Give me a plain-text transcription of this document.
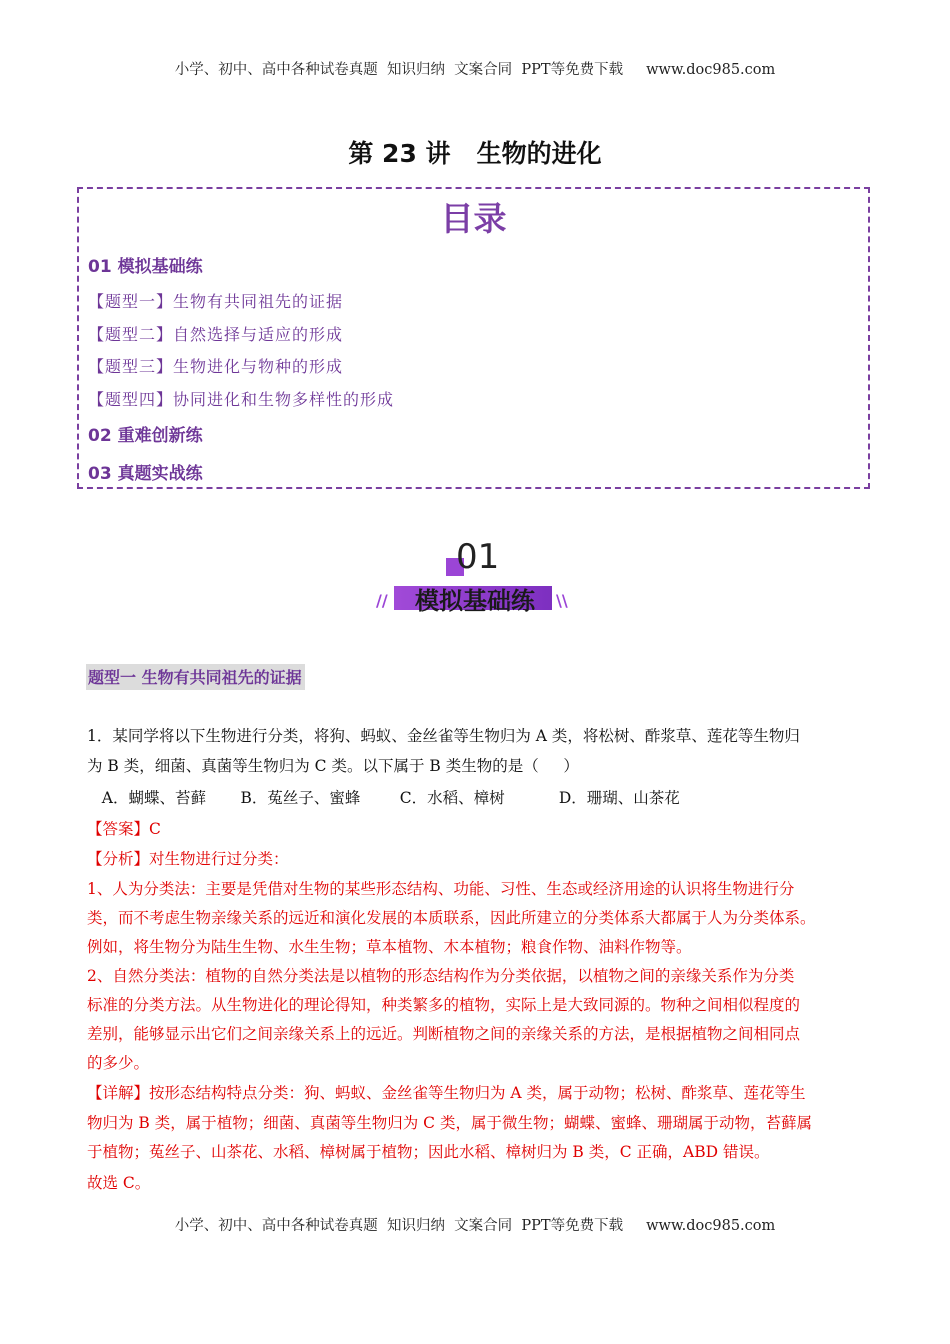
小学、初中、高中各种试卷真题  知识归纳  文案合同  PPT等免费下载     www.doc985.com
第 23 讲   生物的进化
目录
01 模拟基础练
【题型一】生物有共同祖先的证据
【题型二】自然选择与适应的形成
【题型三】生物进化与物种的形成
【题型四】协同进化和生物多样性的形成
02 重难创新练
03 真题实战练
01
模拟基础练
//	\\
题型一 生物有共同祖先的证据
1．某同学将以下生物进行分类，将狗、蚂蚁、金丝雀等生物归为 A 类，将松树、酢浆草、莲花等生物归
为 B 类，细菌、真菌等生物归为 C 类。以下属于 B 类生物的是（     ）
A．蝴蝶、苔藓       B．菟丝子、蜜蜂        C．水稻、樟树           D．珊瑚、山茶花
【答案】C
【分析】对生物进行过分类：
1、人为分类法：主要是凭借对生物的某些形态结构、功能、习性、生态或经济用途的认识将生物进行分
类，而不考虑生物亲缘关系的远近和演化发展的本质联系，因此所建立的分类体系大都属于人为分类体系。
例如，将生物分为陆生生物、水生生物；草本植物、木本植物；粮食作物、油料作物等。
2、自然分类法：植物的自然分类法是以植物的形态结构作为分类依据，以植物之间的亲缘关系作为分类
标准的分类方法。从生物进化的理论得知，种类繁多的植物，实际上是大致同源的。物种之间相似程度的
差别，能够显示出它们之间亲缘关系上的远近。判断植物之间的亲缘关系的方法，是根据植物之间相同点
的多少。
【详解】按形态结构特点分类：狗、蚂蚁、金丝雀等生物归为 A 类，属于动物；松树、酢浆草、莲花等生
物归为 B 类，属于植物；细菌、真菌等生物归为 C 类，属于微生物；蝴蝶、蜜蜂、珊瑚属于动物，苔藓属
于植物；菟丝子、山茶花、水稻、樟树属于植物；因此水稻、樟树归为 B 类，C 正确，ABD 错误。
故选 C。
小学、初中、高中各种试卷真题  知识归纳  文案合同  PPT等免费下载     www.doc985.com
